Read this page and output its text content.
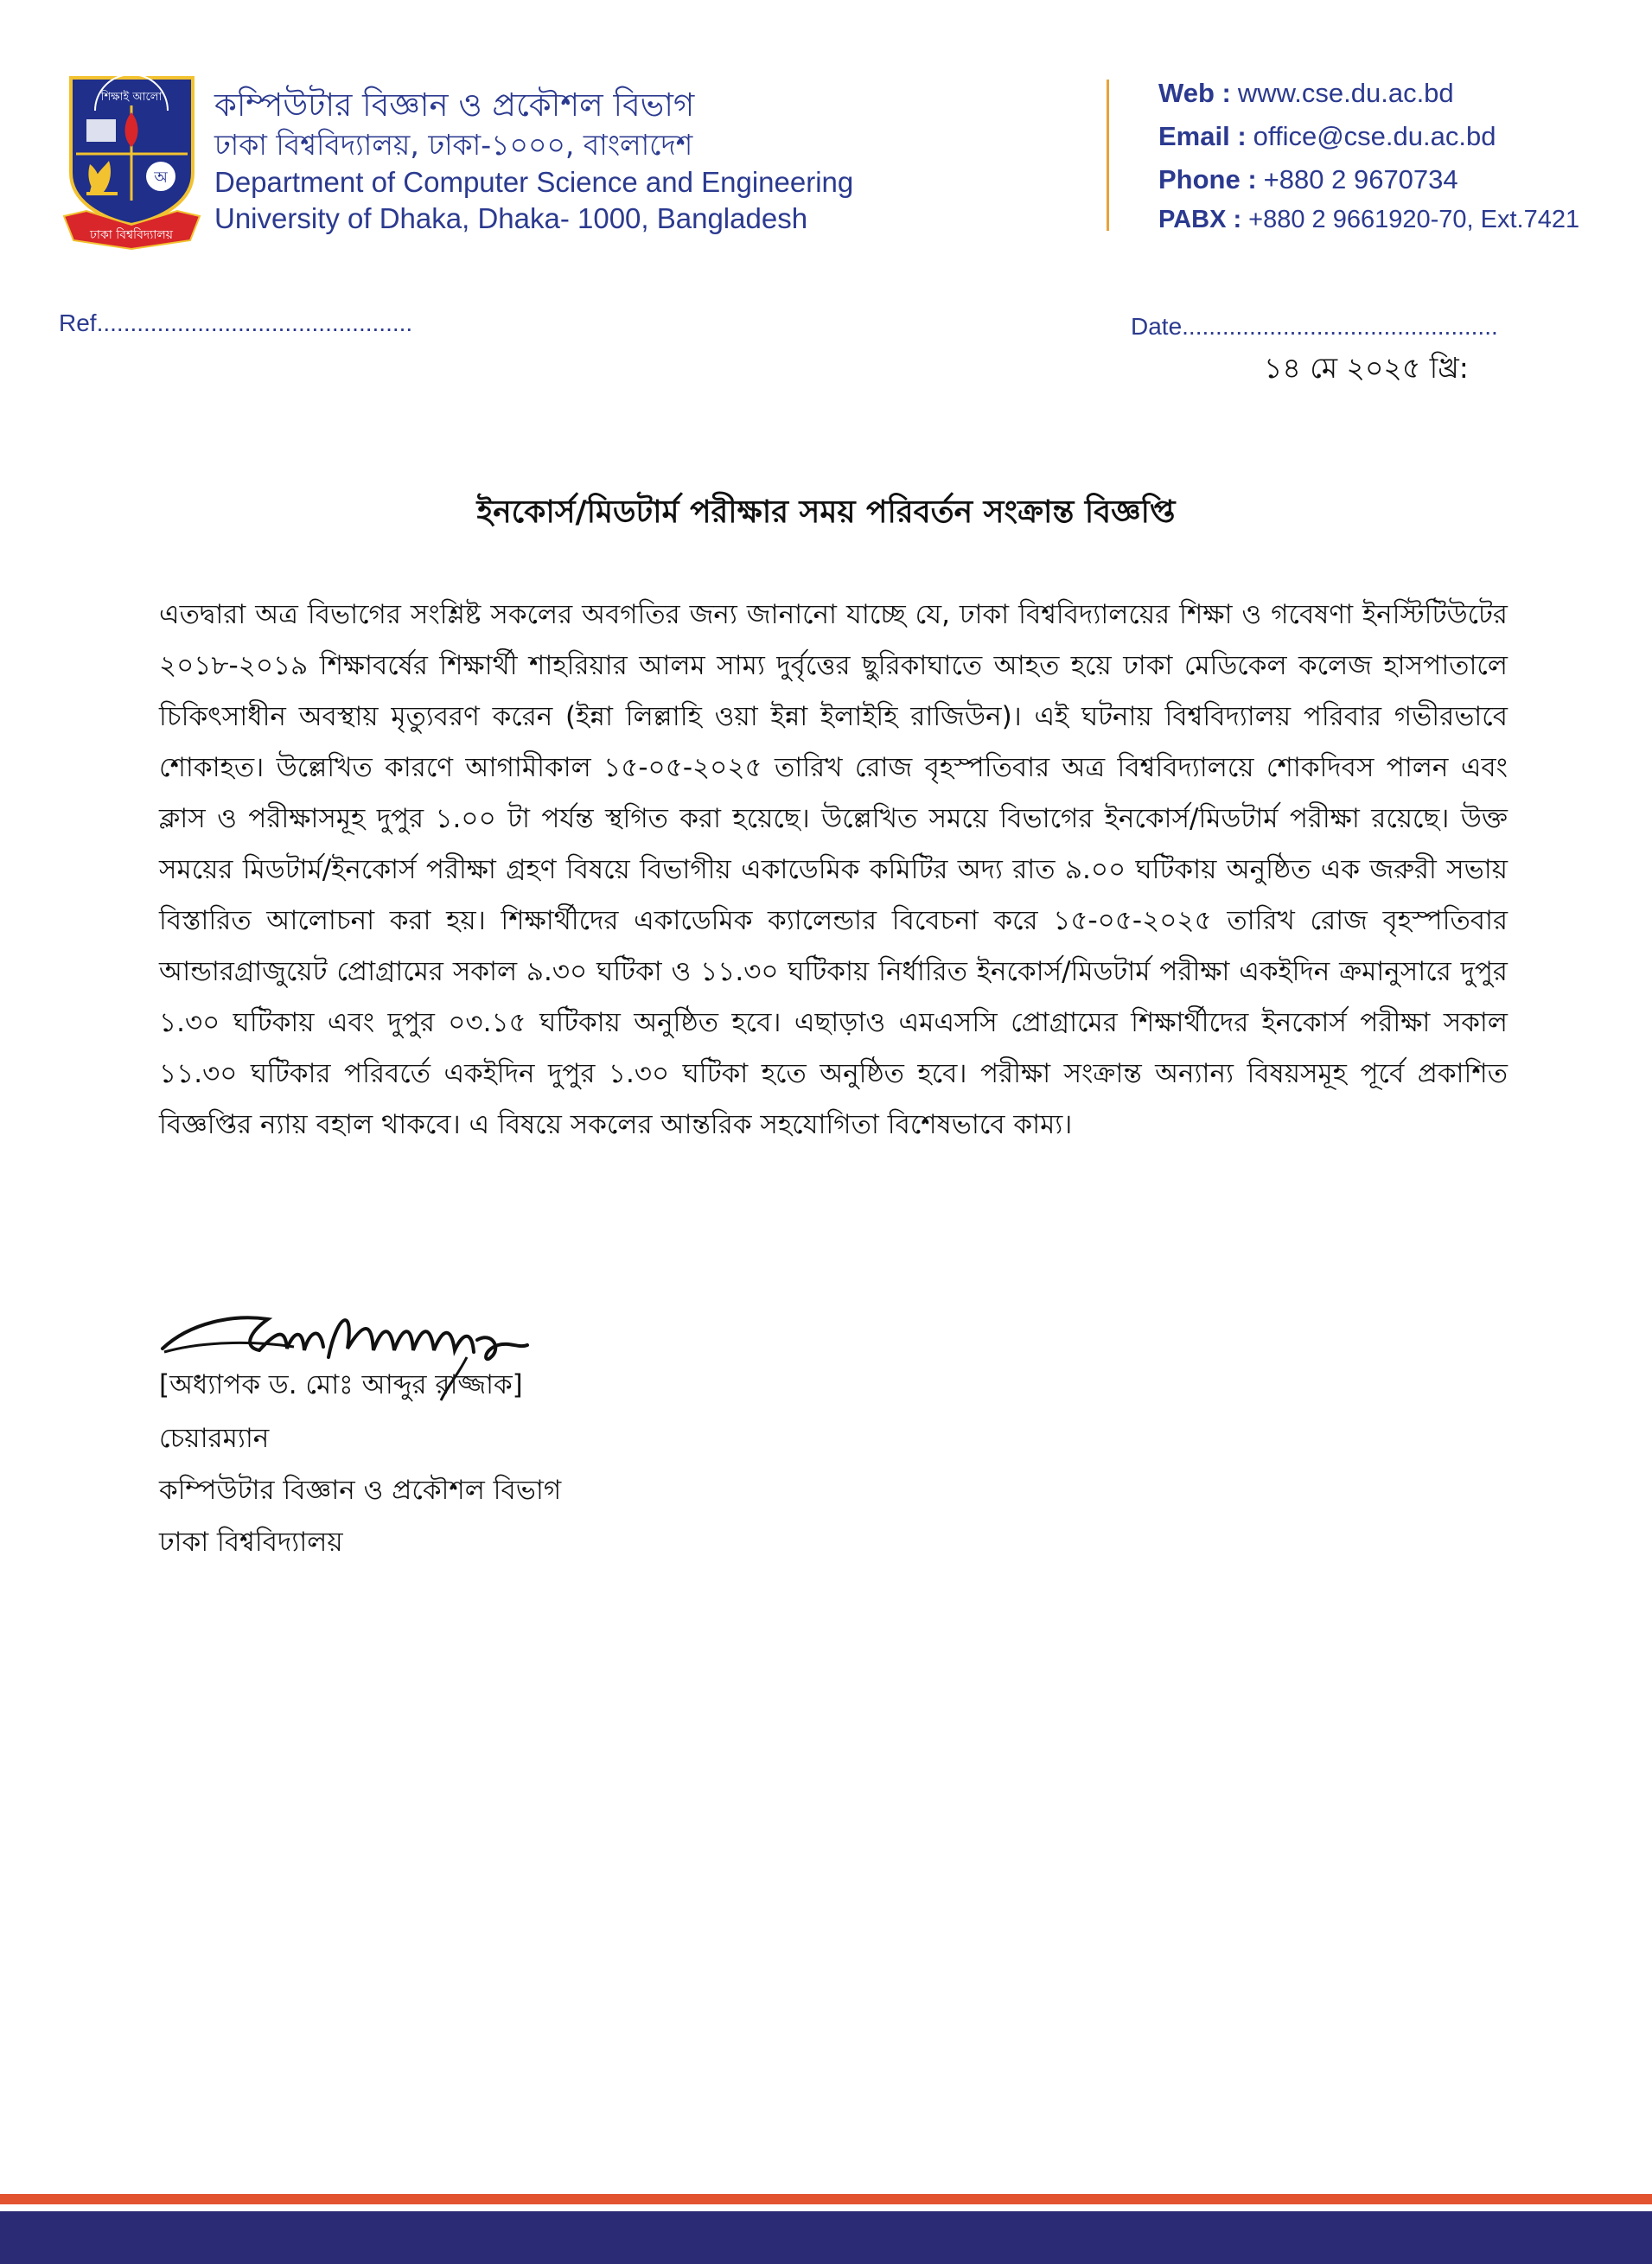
শিক্ষাই আলো
অ
ঢাকা বিশ্ববিদ্যালয়
কম্পিউটার বিজ্ঞান ও প্রকৌশল বিভাগ
ঢাকা বিশ্ববিদ্যালয়, ঢাকা-১০০০, বাংলাদেশ
Department of Computer Science and Engineering
University of Dhaka, Dhaka- 1000, Bangladesh
Web : www.cse.du.ac.bd
Email : office@cse.du.ac.bd
Phone : +880 2 9670734
PABX : +880 2 9661920-70, Ext.7421
Ref...............................................	Date...............................................
১৪ মে ২০২৫ খ্রি:
ইনকোর্স/মিডটার্ম পরীক্ষার সময় পরিবর্তন সংক্রান্ত বিজ্ঞপ্তি
এতদ্বারা অত্র বিভাগের সংশ্লিষ্ট সকলের অবগতির জন্য জানানো যাচ্ছে যে, ঢাকা বিশ্ববিদ্যালয়ের শিক্ষা ও গবেষণা ইনস্টিটিউটের ২০১৮-২০১৯ শিক্ষাবর্ষের শিক্ষার্থী শাহরিয়ার আলম সাম্য দুর্বৃত্তের ছুরিকাঘাতে আহত হয়ে ঢাকা মেডিকেল কলেজ হাসপাতালে চিকিৎসাধীন অবস্থায় মৃত্যুবরণ করেন (ইন্না লিল্লাহি ওয়া ইন্না ইলাইহি রাজিউন)। এই ঘটনায় বিশ্ববিদ্যালয় পরিবার গভীরভাবে শোকাহত। উল্লেখিত কারণে আগামীকাল ১৫-০৫-২০২৫ তারিখ রোজ বৃহস্পতিবার অত্র বিশ্ববিদ্যালয়ে শোকদিবস পালন এবং ক্লাস ও পরীক্ষাসমূহ দুপুর ১.০০ টা পর্যন্ত স্থগিত করা হয়েছে। উল্লেখিত সময়ে বিভাগের ইনকোর্স/মিডটার্ম পরীক্ষা রয়েছে। উক্ত সময়ের মিডটার্ম/ইনকোর্স পরীক্ষা গ্রহণ বিষয়ে বিভাগীয় একাডেমিক কমিটির অদ্য রাত ৯.০০ ঘটিকায় অনুষ্ঠিত এক জরুরী সভায় বিস্তারিত আলোচনা করা হয়। শিক্ষার্থীদের একাডেমিক ক্যালেন্ডার বিবেচনা করে ১৫-০৫-২০২৫ তারিখ রোজ বৃহস্পতিবার আন্ডারগ্রাজুয়েট প্রোগ্রামের সকাল ৯.৩০ ঘটিকা ও ১১.৩০ ঘটিকায় নির্ধারিত ইনকোর্স/মিডটার্ম পরীক্ষা একইদিন ক্রমানুসারে দুপুর ১.৩০ ঘটিকায় এবং দুপুর ০৩.১৫ ঘটিকায় অনুষ্ঠিত হবে। এছাড়াও এমএসসি প্রোগ্রামের শিক্ষার্থীদের ইনকোর্স পরীক্ষা সকাল ১১.৩০ ঘটিকার পরিবর্তে একইদিন দুপুর ১.৩০ ঘটিকা হতে অনুষ্ঠিত হবে। পরীক্ষা সংক্রান্ত অন্যান্য বিষয়সমূহ পূর্বে প্রকাশিত বিজ্ঞপ্তির ন্যায় বহাল থাকবে। এ বিষয়ে সকলের আন্তরিক সহযোগিতা বিশেষভাবে কাম্য।
[অধ্যাপক ড. মোঃ আব্দুর রাজ্জাক]
চেয়ারম্যান
কম্পিউটার বিজ্ঞান ও প্রকৌশল বিভাগ
ঢাকা বিশ্ববিদ্যালয়
